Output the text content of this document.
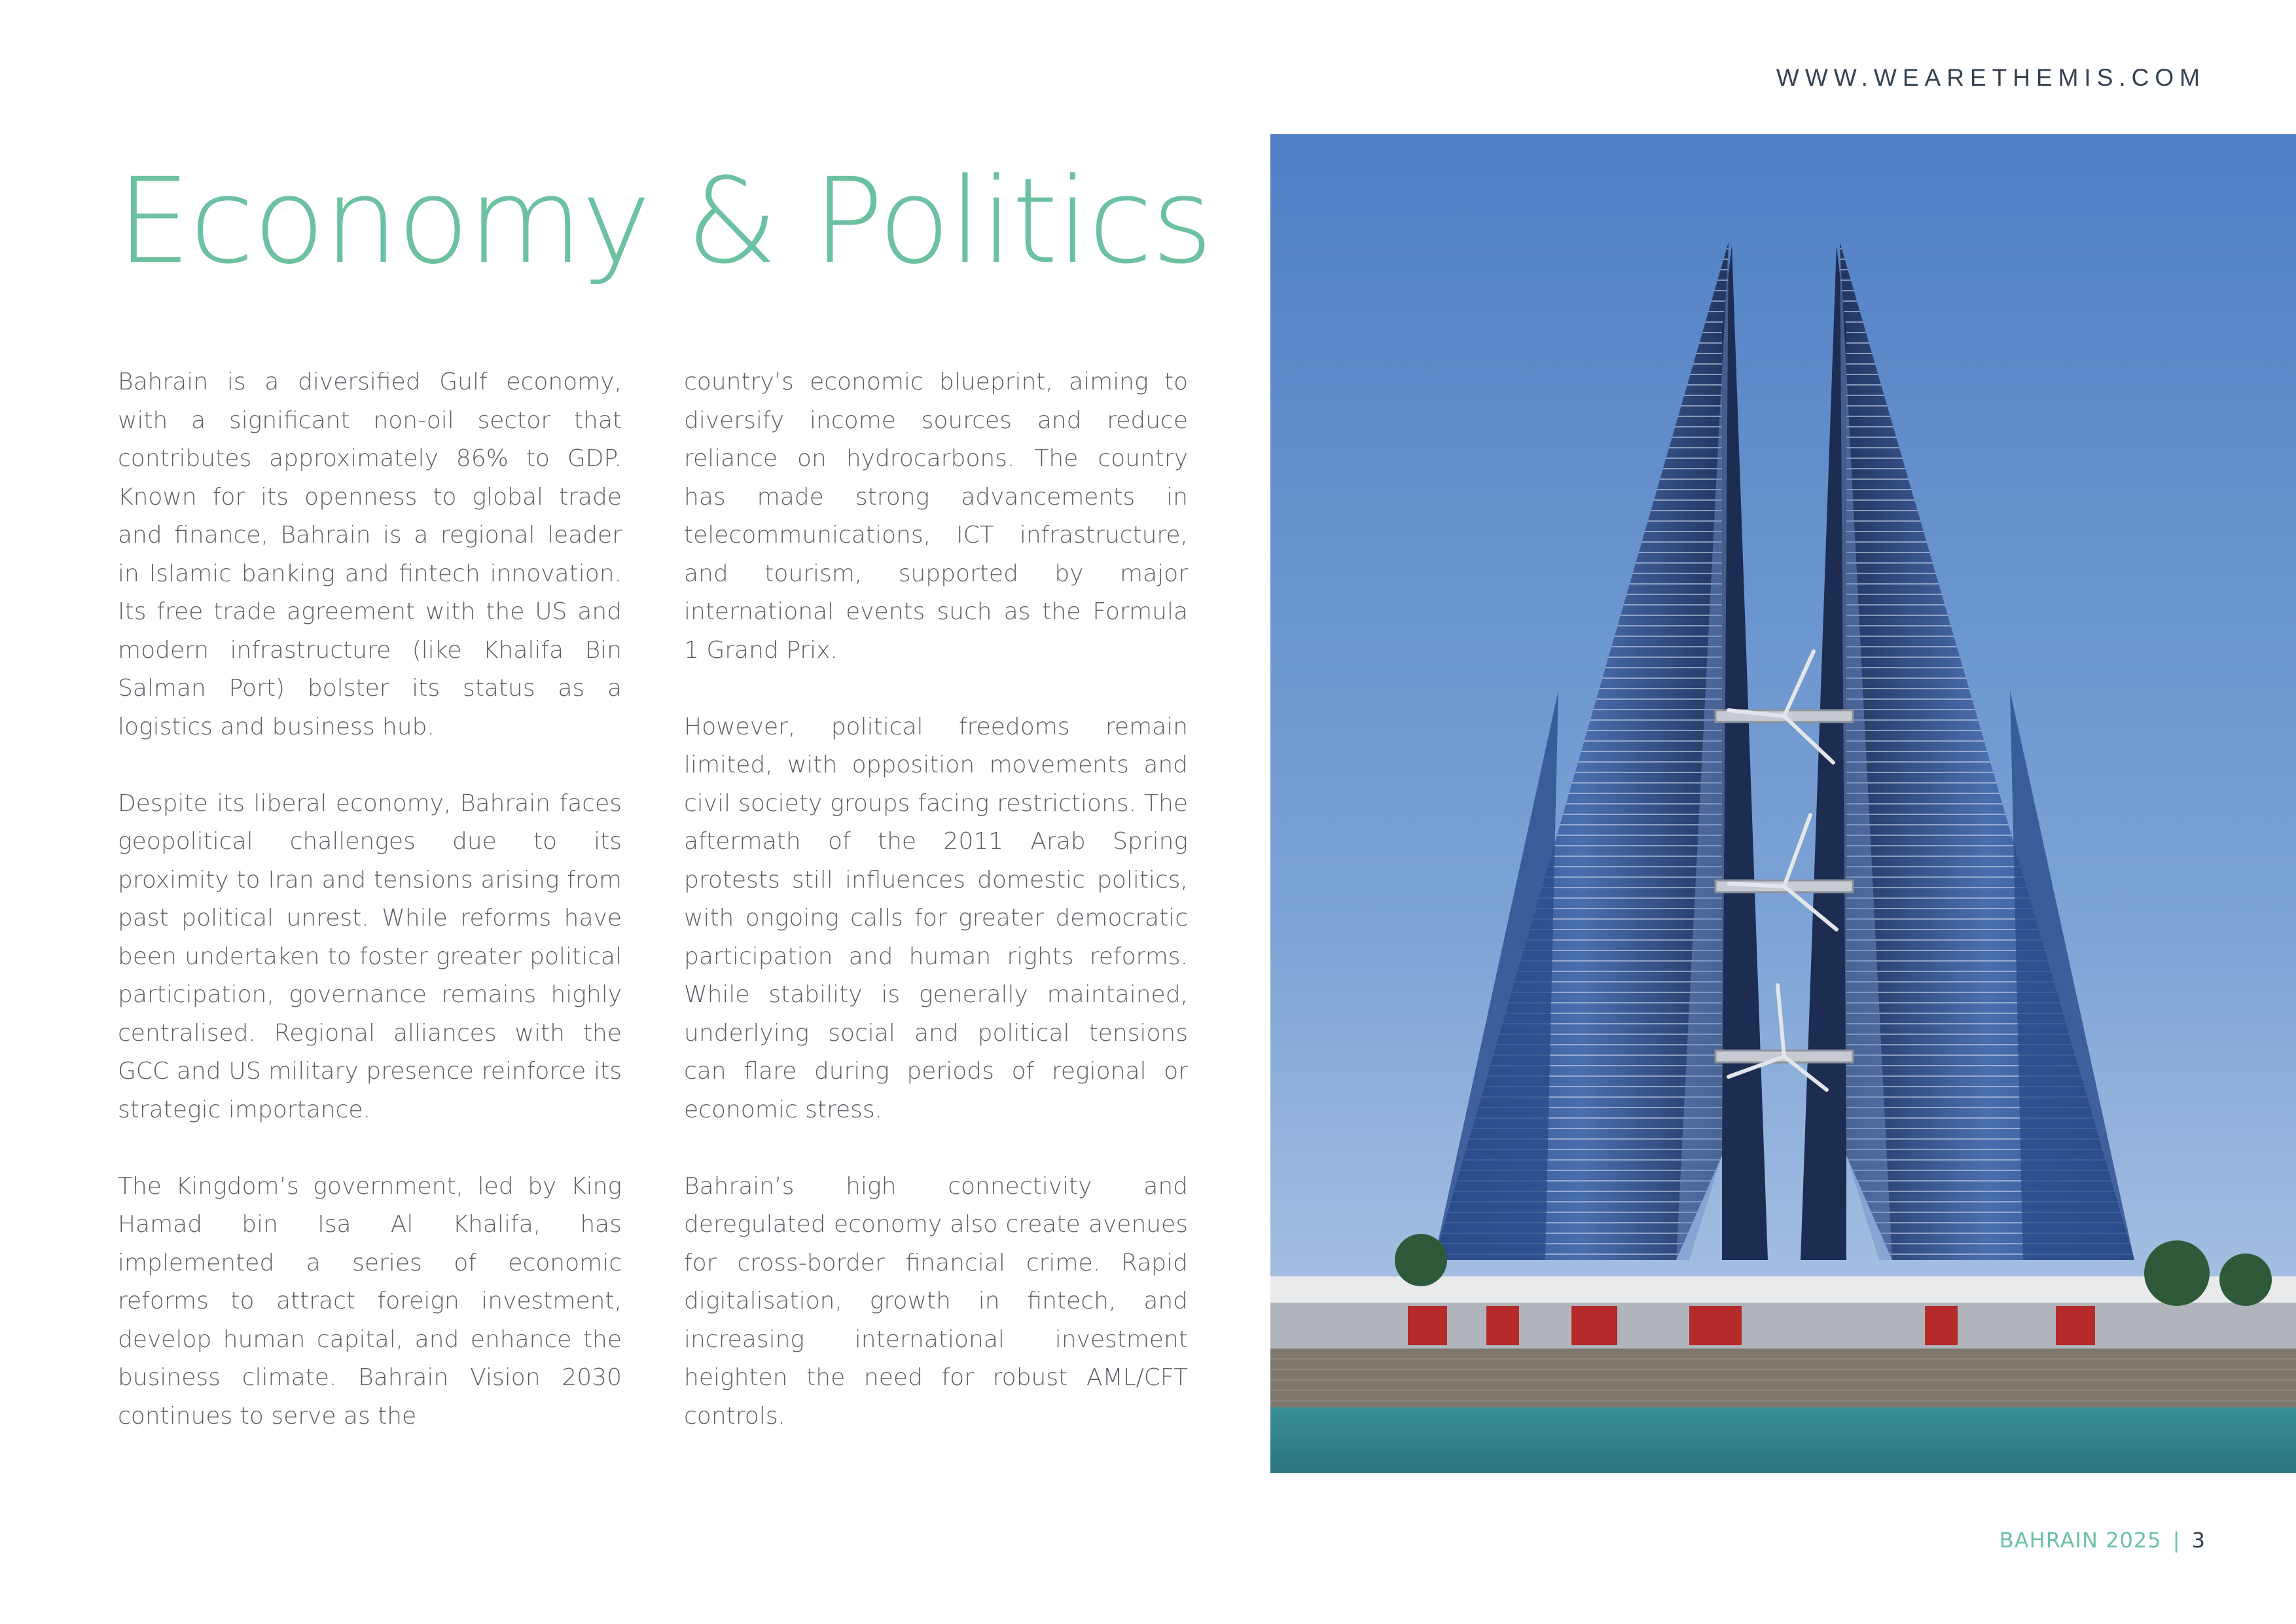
WWW.WEARETHEMIS.COM
Economy & Politics

Bahrain is a diversified Gulf economy, with a significant non-oil sector that contributes approximately 86% to GDP. Known for its openness to global trade and finance, Bahrain is a regional leader in Islamic banking and fintech innovation. Its free trade agreement with the US and modern infrastructure (like Khalifa Bin Salman Port) bolster its status as a logistics and business hub.

Despite its liberal economy, Bahrain faces geopolitical challenges due to its proximity to Iran and tensions arising from past political unrest. While reforms have been undertaken to foster greater political participation, governance remains highly centralised. Regional alliances with the GCC and US military presence reinforce its strategic importance.

The Kingdom’s government, led by King Hamad bin Isa Al Khalifa, has implemented a series of economic reforms to attract foreign investment, develop human capital, and enhance the business climate. Bahrain Vision 2030 continues to serve as the

country’s economic blueprint, aiming to diversify income sources and reduce reliance on hydrocarbons. The country has made strong advancements in telecommunications, ICT infrastructure, and tourism, supported by major international events such as the Formula 1 Grand Prix.

However, political freedoms remain limited, with opposition movements and civil society groups facing restrictions. The aftermath of the 2011 Arab Spring protests still influences domestic politics, with ongoing calls for greater democratic participation and human rights reforms. While stability is generally maintained, underlying social and political tensions can flare during periods of regional or economic stress.

Bahrain’s high connectivity and deregulated economy also create avenues for cross-border financial crime. Rapid digitalisation, growth in fintech, and increasing international investment heighten the need for robust AML/CFT controls.

BAHRAIN 2025 | 3
